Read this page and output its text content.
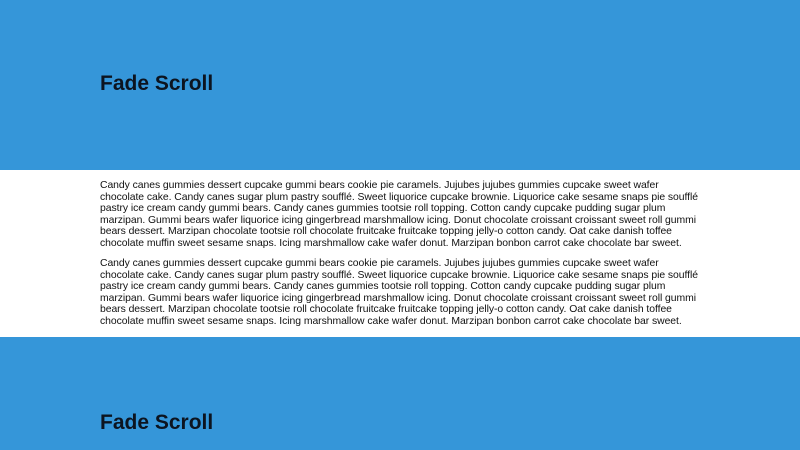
Fade Scroll

Candy canes gummies dessert cupcake gummi bears cookie pie caramels. Jujubes jujubes gummies cupcake sweet wafer chocolate cake. Candy canes sugar plum pastry soufflé. Sweet liquorice cupcake brownie. Liquorice cake sesame snaps pie soufflé pastry ice cream candy gummi bears. Candy canes gummies tootsie roll topping. Cotton candy cupcake pudding sugar plum marzipan. Gummi bears wafer liquorice icing gingerbread marshmallow icing. Donut chocolate croissant croissant sweet roll gummi bears dessert. Marzipan chocolate tootsie roll chocolate fruitcake fruitcake topping jelly-o cotton candy. Oat cake danish toffee chocolate muffin sweet sesame snaps. Icing marshmallow cake wafer donut. Marzipan bonbon carrot cake chocolate bar sweet.

Candy canes gummies dessert cupcake gummi bears cookie pie caramels. Jujubes jujubes gummies cupcake sweet wafer chocolate cake. Candy canes sugar plum pastry soufflé. Sweet liquorice cupcake brownie. Liquorice cake sesame snaps pie soufflé pastry ice cream candy gummi bears. Candy canes gummies tootsie roll topping. Cotton candy cupcake pudding sugar plum marzipan. Gummi bears wafer liquorice icing gingerbread marshmallow icing. Donut chocolate croissant croissant sweet roll gummi bears dessert. Marzipan chocolate tootsie roll chocolate fruitcake fruitcake topping jelly-o cotton candy. Oat cake danish toffee chocolate muffin sweet sesame snaps. Icing marshmallow cake wafer donut. Marzipan bonbon carrot cake chocolate bar sweet.

Fade Scroll
